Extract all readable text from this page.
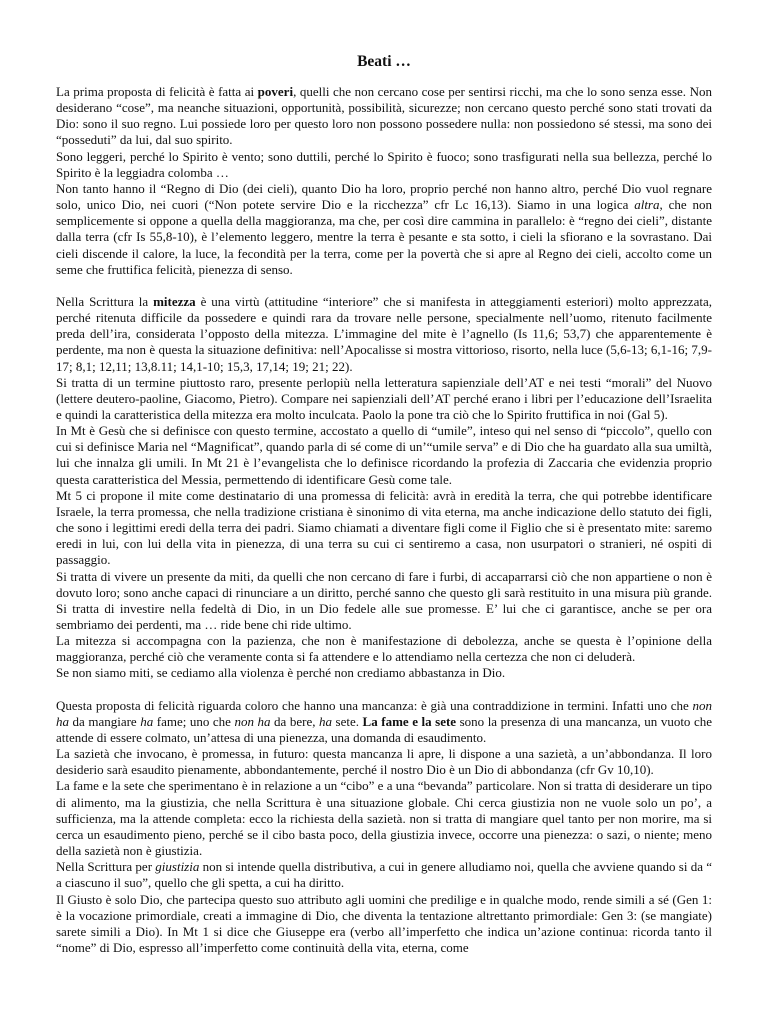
Beati …

La prima proposta di felicità è fatta ai poveri, quelli che non cercano cose per sentirsi ricchi, ma che lo sono senza esse. Non desiderano “cose”, ma neanche situazioni, opportunità, possibilità, sicurezze; non cercano questo perché sono stati trovati da Dio: sono il suo regno. Lui possiede loro per questo loro non possono possedere nulla: non possiedono sé stessi, ma sono dei “posseduti” da lui, dal suo spirito.

Sono leggeri, perché lo Spirito è vento; sono duttili, perché lo Spirito è fuoco; sono trasfigurati nella sua bellezza, perché lo Spirito è la leggiadra colomba …

Non tanto hanno il “Regno di Dio (dei cieli), quanto Dio ha loro, proprio perché non hanno altro, perché Dio vuol regnare solo, unico Dio, nei cuori (“Non potete servire Dio e la ricchezza” cfr Lc 16,13). Siamo in una logica altra, che non semplicemente si oppone a quella della maggioranza, ma che, per così dire cammina in parallelo: è “regno dei cieli”, distante dalla terra (cfr Is 55,8-10), è l’elemento leggero, mentre la terra è pesante e sta sotto, i cieli la sfiorano e la sovrastano. Dai cieli discende il calore, la luce, la fecondità per la terra, come per la povertà che si apre al Regno dei cieli, accolto come un seme che fruttifica felicità, pienezza di senso.

Nella Scrittura la mitezza è una virtù (attitudine “interiore” che si manifesta in atteggiamenti esteriori) molto apprezzata, perché ritenuta difficile da possedere e quindi rara da trovare nelle persone, specialmente nell’uomo, ritenuto facilmente preda dell’ira, considerata l’opposto della mitezza. L’immagine del mite è l’agnello (Is 11,6; 53,7) che apparentemente è perdente, ma non è questa la situazione definitiva: nell’Apocalisse si mostra vittorioso, risorto, nella luce (5,6-13; 6,1-16; 7,9-17; 8,1; 12,11; 13,8.11; 14,1-10; 15,3, 17,14; 19; 21; 22).

Si tratta di un termine piuttosto raro, presente perlopiù nella letteratura sapienziale dell’AT e nei testi “morali” del Nuovo (lettere deutero-paoline, Giacomo, Pietro). Compare nei sapienziali dell’AT perché erano i libri per l’educazione dell’Israelita e quindi la caratteristica della mitezza era molto inculcata. Paolo la pone tra ciò che lo Spirito fruttifica in noi (Gal 5).

In Mt è Gesù che si definisce con questo termine, accostato a quello di “umile”, inteso qui nel senso di “piccolo”, quello con cui si definisce Maria nel “Magnificat”, quando parla di sé come di un’“umile serva” e di Dio che ha guardato alla sua umiltà, lui che innalza gli umili. In Mt 21 è l’evangelista che lo definisce ricordando la profezia di Zaccaria che evidenzia proprio questa caratteristica del Messia, permettendo di identificare Gesù come tale.

Mt 5 ci propone il mite come destinatario di una promessa di felicità: avrà in eredità la terra, che qui potrebbe identificare Israele, la terra promessa, che nella tradizione cristiana è sinonimo di vita eterna, ma anche indicazione dello statuto dei figli, che sono i legittimi eredi della terra dei padri. Siamo chiamati a diventare figli come il Figlio che si è presentato mite: saremo eredi in lui, con lui della vita in pienezza, di una terra su cui ci sentiremo a casa, non usurpatori o stranieri, né ospiti di passaggio.

Si tratta di vivere un presente da miti, da quelli che non cercano di fare i furbi, di accaparrarsi ciò che non appartiene o non è dovuto loro; sono anche capaci di rinunciare a un diritto, perché sanno che questo gli sarà restituito in una misura più grande. Si tratta di investire nella fedeltà di Dio, in un Dio fedele alle sue promesse. E’ lui che ci garantisce, anche se per ora sembriamo dei perdenti, ma … ride bene chi ride ultimo.

La mitezza si accompagna con la pazienza, che non è manifestazione di debolezza, anche se questa è l’opinione della maggioranza, perché ciò che veramente conta si fa attendere e lo attendiamo nella certezza che non ci deluderà.

Se non siamo miti, se cediamo alla violenza è perché non crediamo abbastanza in Dio.

Questa proposta di felicità riguarda coloro che hanno una mancanza: è già una contraddizione in termini. Infatti uno che non ha da mangiare ha fame; uno che non ha da bere, ha sete. La fame e la sete sono la presenza di una mancanza, un vuoto che attende di essere colmato, un’attesa di una pienezza, una domanda di esaudimento.

La sazietà che invocano, è promessa, in futuro: questa mancanza li apre, li dispone a una sazietà, a un’abbondanza. Il loro desiderio sarà esaudito pienamente, abbondantemente, perché il nostro Dio è un Dio di abbondanza (cfr Gv 10,10).

La fame e la sete che sperimentano è in relazione a un “cibo” e a una “bevanda” particolare. Non si tratta di desiderare un tipo di alimento, ma la giustizia, che nella Scrittura è una situazione globale. Chi cerca giustizia non ne vuole solo un po’, a sufficienza, ma la attende completa: ecco la richiesta della sazietà. non si tratta di mangiare quel tanto per non morire, ma si cerca un esaudimento pieno, perché se il cibo basta poco, della giustizia invece, occorre una pienezza: o sazi, o niente; meno della sazietà non è giustizia.

Nella Scrittura per giustizia non si intende quella distributiva, a cui in genere alludiamo noi, quella che avviene quando si da “ a ciascuno il suo”, quello che gli spetta, a cui ha diritto.

Il Giusto è solo Dio, che partecipa questo suo attributo agli uomini che predilige e in qualche modo, rende simili a sé (Gen 1: è la vocazione primordiale, creati a immagine di Dio, che diventa la tentazione altrettanto primordiale: Gen 3: (se mangiate) sarete simili a Dio). In Mt 1 si dice che Giuseppe era (verbo all’imperfetto che indica un’azione continua: ricorda tanto il “nome” di Dio, espresso all’imperfetto come continuità della vita, eterna, come
